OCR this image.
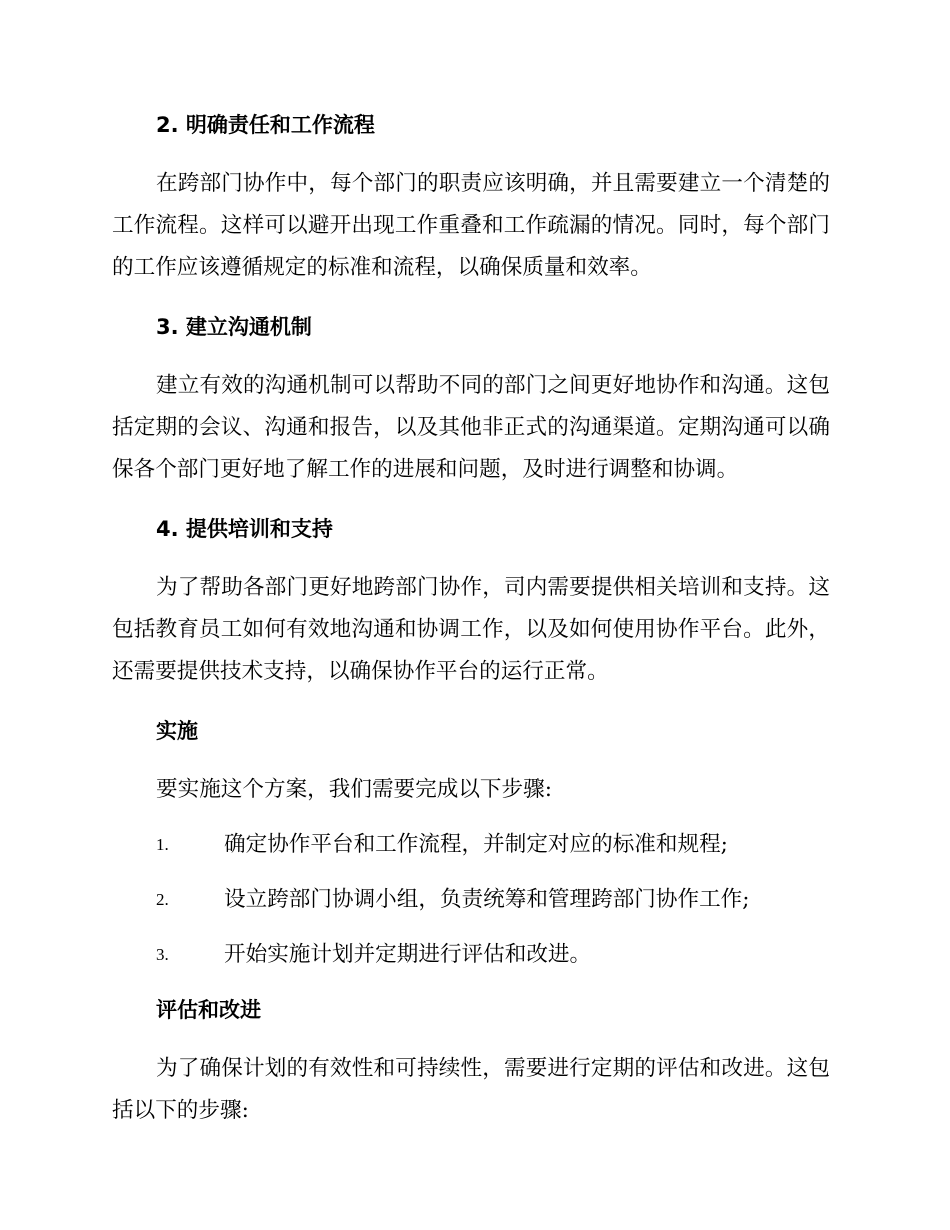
2. 明确责任和工作流程

在跨部门协作中，每个部门的职责应该明确，并且需要建立一个清楚的工作流程。这样可以避开出现工作重叠和工作疏漏的情况。同时，每个部门的工作应该遵循规定的标准和流程，以确保质量和效率。

3. 建立沟通机制

建立有效的沟通机制可以帮助不同的部门之间更好地协作和沟通。这包括定期的会议、沟通和报告，以及其他非正式的沟通渠道。定期沟通可以确保各个部门更好地了解工作的进展和问题，及时进行调整和协调。

4. 提供培训和支持

为了帮助各部门更好地跨部门协作，司内需要提供相关培训和支持。这包括教育员工如何有效地沟通和协调工作，以及如何使用协作平台。此外，还需要提供技术支持，以确保协作平台的运行正常。

实施

要实施这个方案，我们需要完成以下步骤:

1.	确定协作平台和工作流程，并制定对应的标准和规程;
2.	设立跨部门协调小组，负责统筹和管理跨部门协作工作;
3.	开始实施计划并定期进行评估和改进。
评估和改进

为了确保计划的有效性和可持续性，需要进行定期的评估和改进。这包括以下的步骤:
